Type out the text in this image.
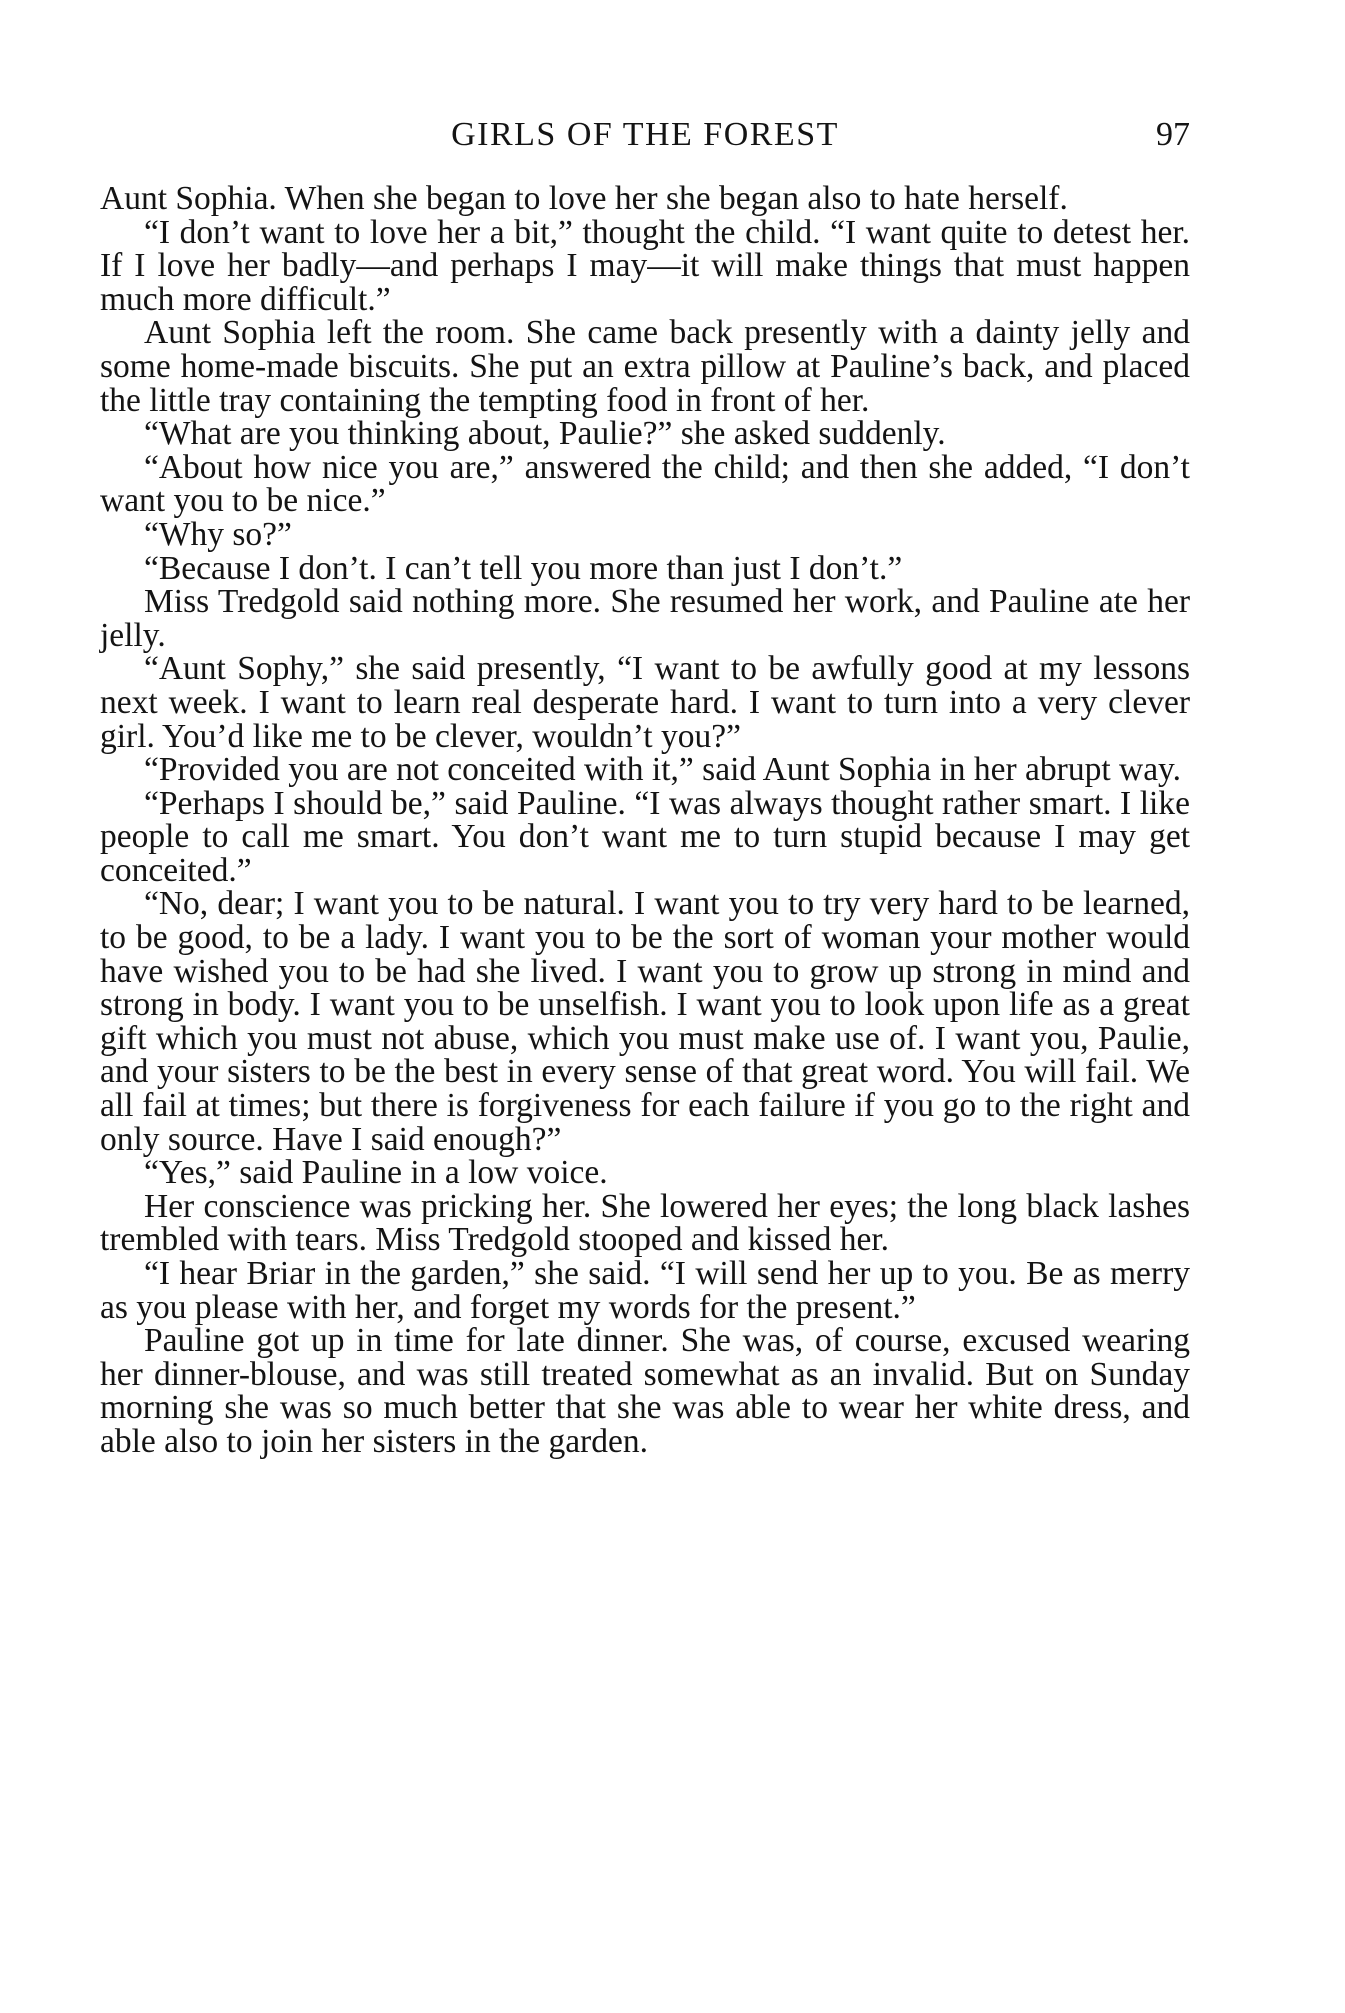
GIRLS OF THE FOREST	97

Aunt Sophia. When she began to love her she began also to hate herself.

“I don’t want to love her a bit,” thought the child. “I want quite to detest her. If I love her badly—and perhaps I may—it will make things that must happen much more difficult.”

Aunt Sophia left the room. She came back presently with a dainty jelly and some home-made biscuits. She put an extra pillow at Pauline’s back, and placed the little tray containing the tempting food in front of her.

“What are you thinking about, Paulie?” she asked suddenly.

“About how nice you are,” answered the child; and then she added, “I don’t want you to be nice.”

“Why so?”

“Because I don’t. I can’t tell you more than just I don’t.”

Miss Tredgold said nothing more. She resumed her work, and Pauline ate her jelly.

“Aunt Sophy,” she said presently, “I want to be awfully good at my lessons next week. I want to learn real desperate hard. I want to turn into a very clever girl. You’d like me to be clever, wouldn’t you?”

“Provided you are not conceited with it,” said Aunt Sophia in her abrupt way.

“Perhaps I should be,” said Pauline. “I was always thought rather smart. I like people to call me smart. You don’t want me to turn stupid because I may get conceited.”

“No, dear; I want you to be natural. I want you to try very hard to be learned, to be good, to be a lady. I want you to be the sort of woman your mother would have wished you to be had she lived. I want you to grow up strong in mind and strong in body. I want you to be unselfish. I want you to look upon life as a great gift which you must not abuse, which you must make use of. I want you, Paulie, and your sisters to be the best in every sense of that great word. You will fail. We all fail at times; but there is forgiveness for each failure if you go to the right and only source. Have I said enough?”

“Yes,” said Pauline in a low voice.

Her conscience was pricking her. She lowered her eyes; the long black lashes trembled with tears. Miss Tredgold stooped and kissed her.

“I hear Briar in the garden,” she said. “I will send her up to you. Be as merry as you please with her, and forget my words for the present.”

Pauline got up in time for late dinner. She was, of course, excused wearing her dinner-blouse, and was still treated somewhat as an invalid. But on Sunday morning she was so much better that she was able to wear her white dress, and able also to join her sisters in the garden.
